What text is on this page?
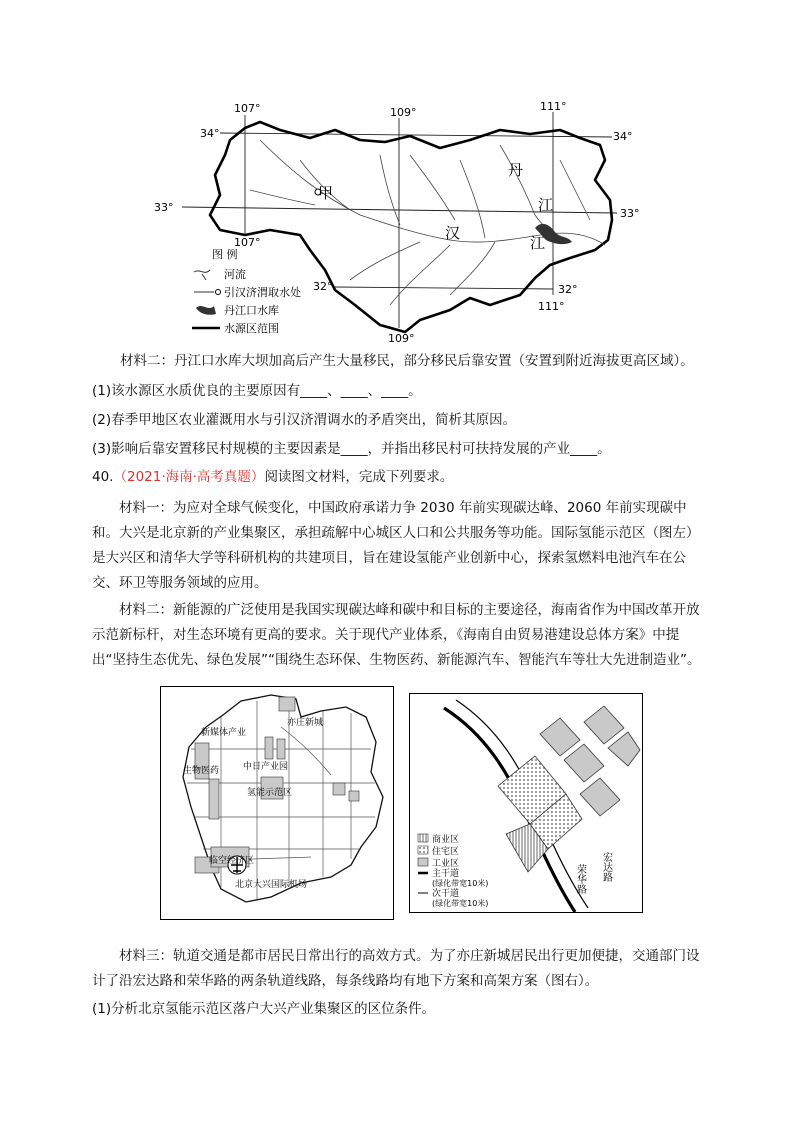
107°	109°	111°
34°	34°
33°	33°
107°
32°	32°
111°
109°
甲
汉
江
丹
江
图 例
河流
引汉济渭取水处
丹江口水库
水源区范围
材料二：丹江口水库大坝加高后产生大量移民，部分移民后靠安置（安置到附近海拔更高区域）。
(1)该水源区水质优良的主要原因有____、____、____。
(2)春季甲地区农业灌溉用水与引汉济渭调水的矛盾突出，简析其原因。
(3)影响后靠安置移民村规模的主要因素是____，并指出移民村可扶持发展的产业____。
40.（2021·海南·高考真题）阅读图文材料，完成下列要求。
材料一：为应对全球气候变化，中国政府承诺力争 2030 年前实现碳达峰、2060 年前实现碳中和。大兴是北京新的产业集聚区，承担疏解中心城区人口和公共服务等功能。国际氢能示范区（图左）是大兴区和清华大学等科研机构的共建项目，旨在建设氢能产业创新中心，探索氢燃料电池汽车在公交、环卫等服务领域的应用。
材料二：新能源的广泛使用是我国实现碳达峰和碳中和目标的主要途径，海南省作为中国改革开放示范新标杆，对生态环境有更高的要求。关于现代产业体系，《海南自由贸易港建设总体方案》中提出“坚持生态优先、绿色发展”“围绕生态环保、生物医药、新能源汽车、智能汽车等壮大先进制造业”。
亦庄新城
新媒体产业
生物医药	中日产业园
氢能示范区
临空经济区
北京大兴国际机场
商业区
住宅区
工业区
主干道
(绿化带宽10米)
次干道
(绿化带宽10米)
荣华路 宏达路
材料三：轨道交通是都市居民日常出行的高效方式。为了亦庄新城居民出行更加便捷，交通部门设计了沿宏达路和荣华路的两条轨道线路，每条线路均有地下方案和高架方案（图右）。
(1)分析北京氢能示范区落户大兴产业集聚区的区位条件。
